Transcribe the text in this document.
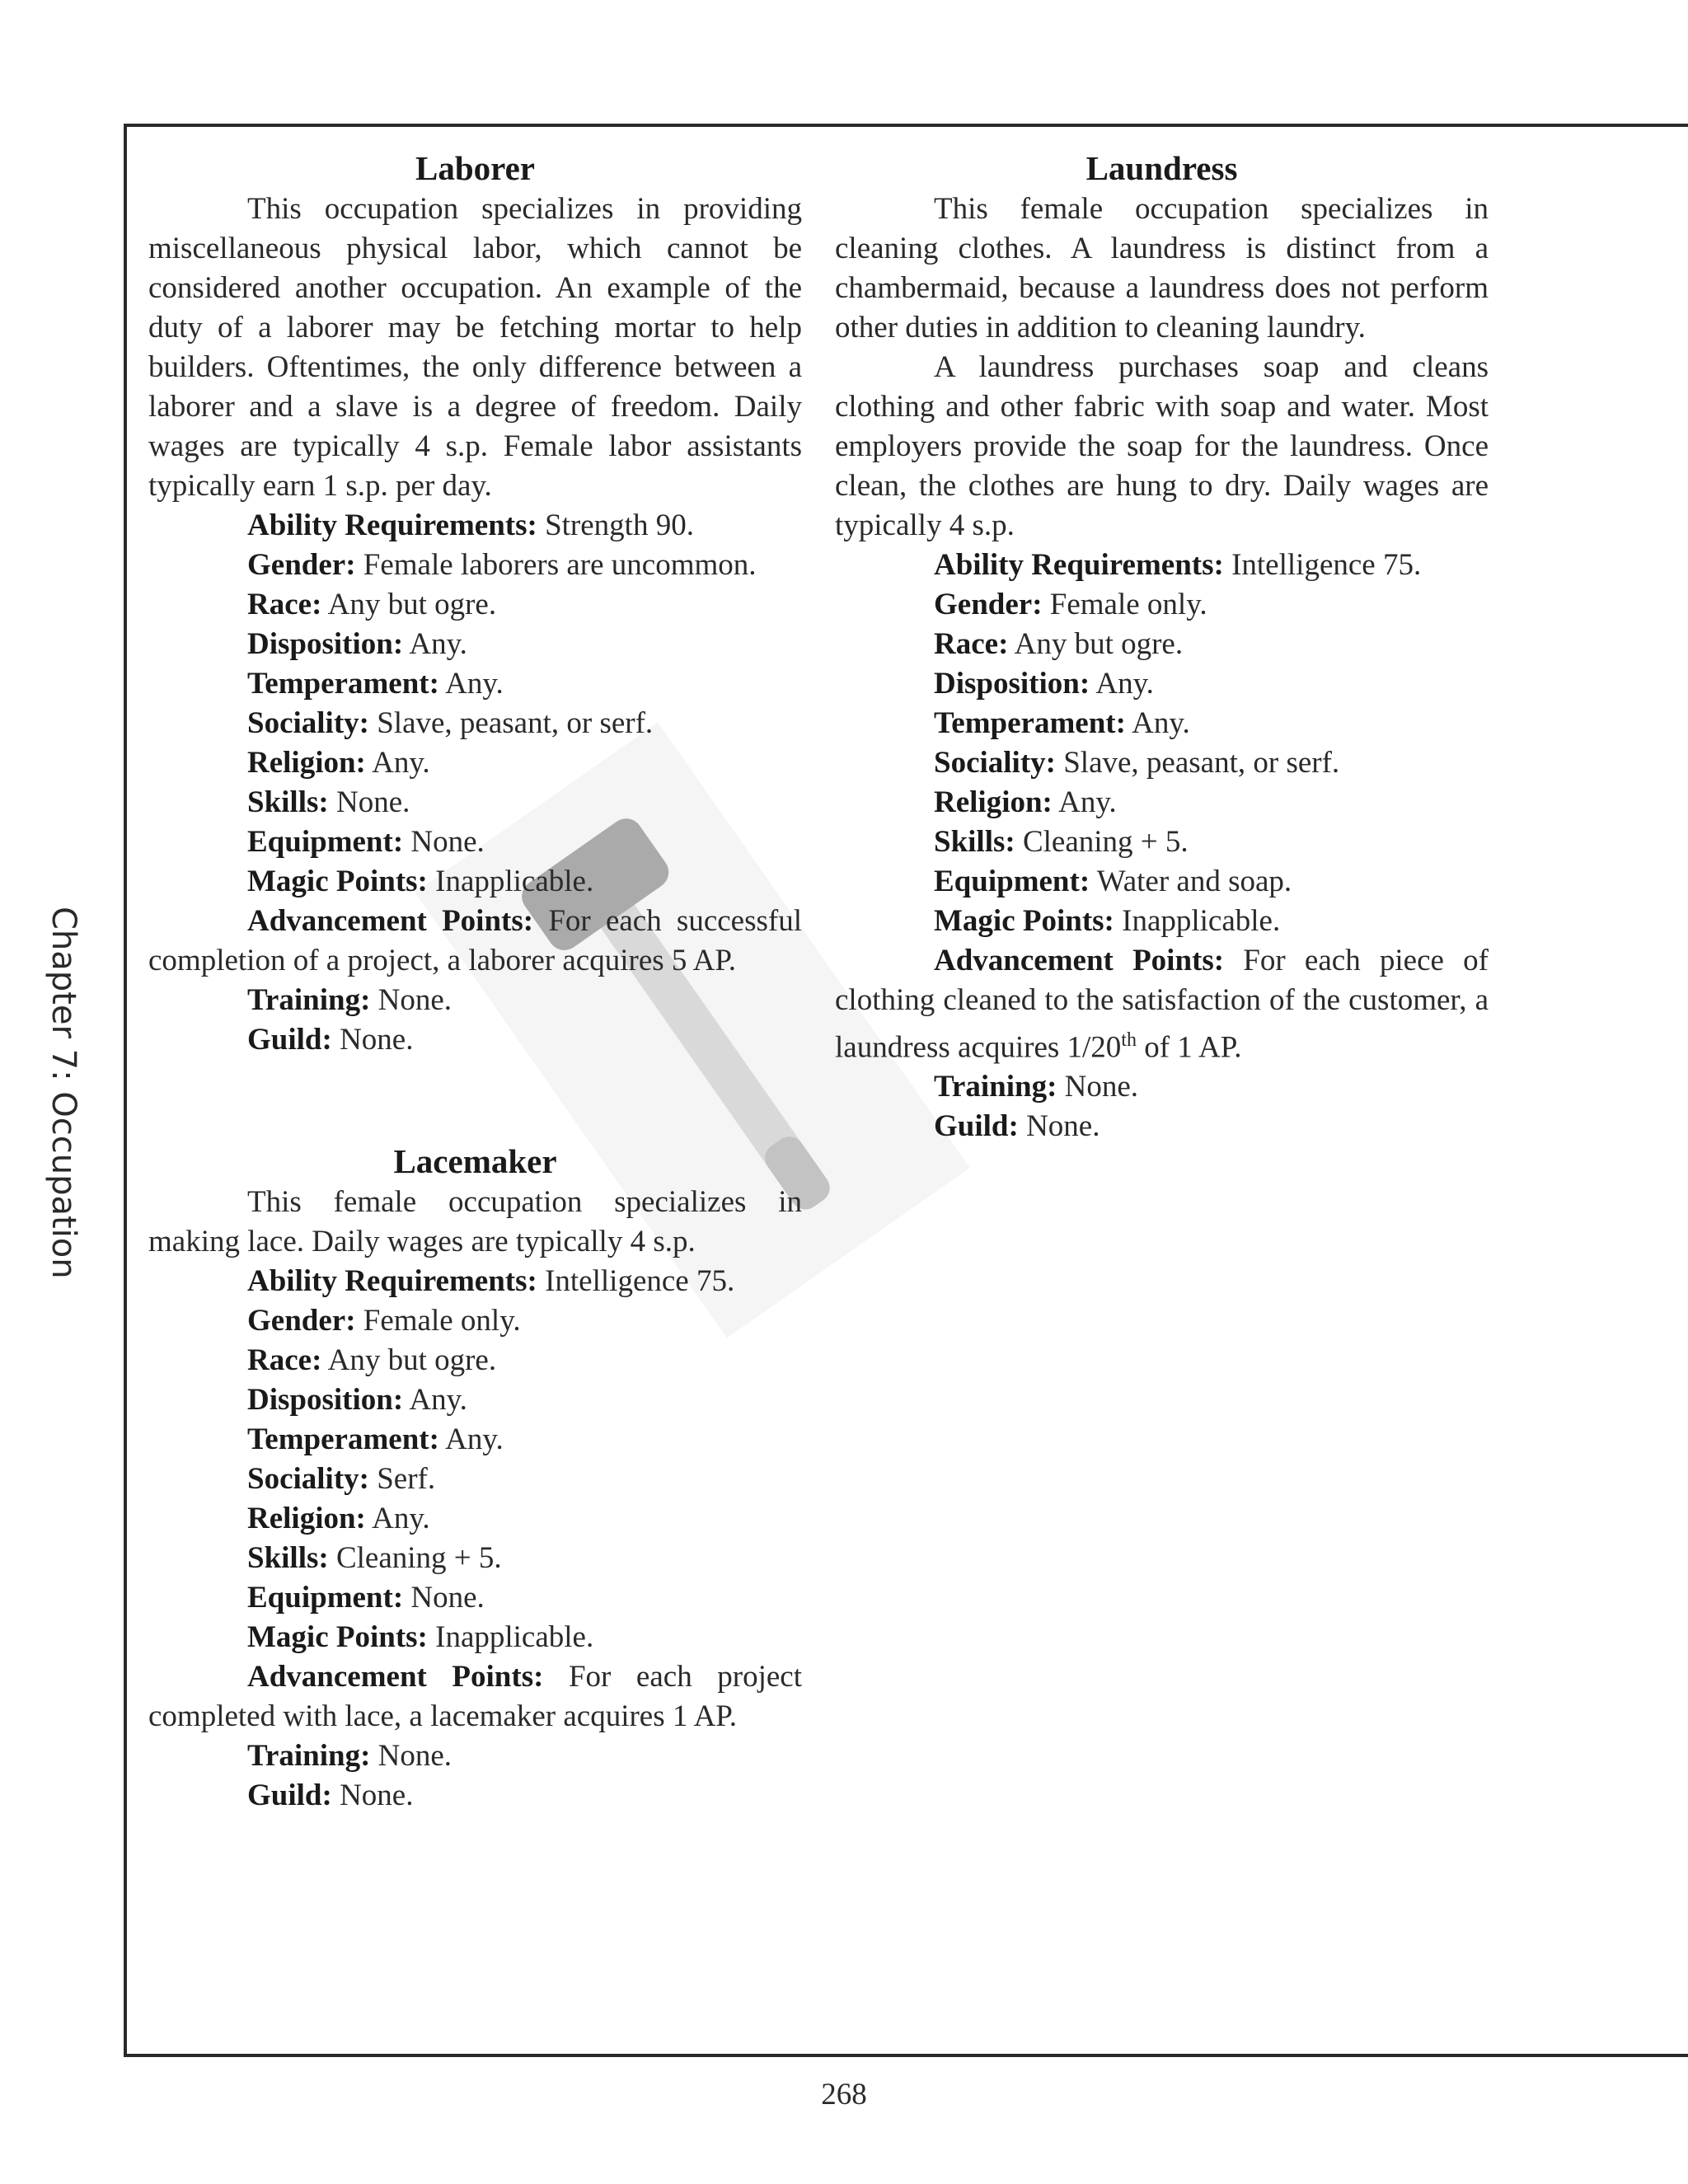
Chapter 7: Occupation
Laborer

This occupation specializes in providing miscellaneous physical labor, which cannot be considered another occupation. An example of the duty of a laborer may be fetching mortar to help builders. Oftentimes, the only difference between a laborer and a slave is a degree of freedom. Daily wages are typically 4 s.p. Female labor assistants typically earn 1 s.p. per day.

Ability Requirements: Strength 90.

Gender: Female laborers are uncommon.

Race: Any but ogre.

Disposition: Any.

Temperament: Any.

Sociality: Slave, peasant, or serf.

Religion: Any.

Skills: None.

Equipment: None.

Magic Points: Inapplicable.

Advancement Points: For each successful completion of a project, a laborer acquires 5 AP.

Training: None.

Guild: None.

Lacemaker

This female occupation specializes in making lace. Daily wages are typically 4 s.p.

Ability Requirements: Intelligence 75.

Gender: Female only.

Race: Any but ogre.

Disposition: Any.

Temperament: Any.

Sociality: Serf.

Religion: Any.

Skills: Cleaning + 5.

Equipment: None.

Magic Points: Inapplicable.

Advancement Points: For each project completed with lace, a lacemaker acquires 1 AP.

Training: None.

Guild: None.

Laundress

This female occupation specializes in cleaning clothes. A laundress is distinct from a chambermaid, because a laundress does not perform other duties in addition to cleaning laundry.

A laundress purchases soap and cleans clothing and other fabric with soap and water. Most employers provide the soap for the laundress. Once clean, the clothes are hung to dry. Daily wages are typically 4 s.p.

Ability Requirements: Intelligence 75.

Gender: Female only.

Race: Any but ogre.

Disposition: Any.

Temperament: Any.

Sociality: Slave, peasant, or serf.

Religion: Any.

Skills: Cleaning + 5.

Equipment: Water and soap.

Magic Points: Inapplicable.

Advancement Points: For each piece of clothing cleaned to the satisfaction of the customer, a laundress acquires 1/20th of 1 AP.

Training: None.

Guild: None.

268
